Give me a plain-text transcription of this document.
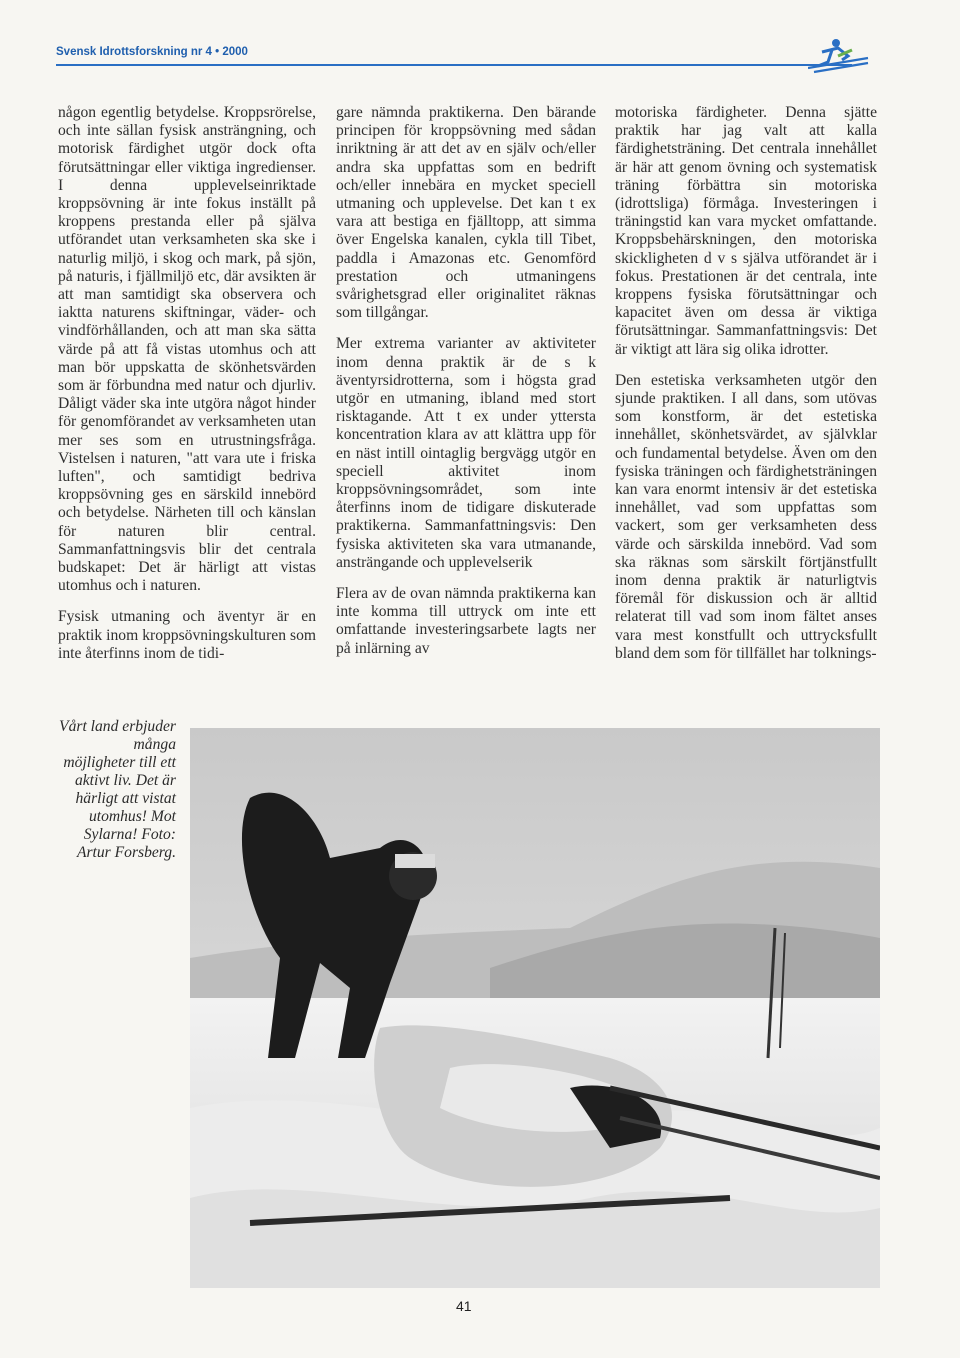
Svensk Idrottsforskning nr 4 • 2000

någon egentlig betydelse. Kroppsrörelse, och inte sällan fysisk ansträngning, och motorisk färdighet utgör dock ofta förutsättningar eller viktiga ingredienser. I denna upplevelseinriktade kroppsövning är inte fokus inställt på kroppens prestanda eller på själva utförandet utan verksamheten ska ske i naturlig miljö, i skog och mark, på sjön, på naturis, i fjällmiljö etc, där avsikten är att man samtidigt ska observera och iaktta naturens skiftningar, väder- och vindförhållanden, och att man ska sätta värde på att få vistas utomhus och att man bör uppskatta de skönhetsvärden som är förbundna med natur och djurliv. Dåligt väder ska inte utgöra något hinder för genomförandet av verksamheten utan mer ses som en utrustningsfråga. Vistelsen i naturen, "att vara ute i friska luften", och samtidigt bedriva kroppsövning ges en särskild innebörd och betydelse. Närheten till och känslan för naturen blir central. Sammanfattningsvis blir det centrala budskapet: Det är härligt att vistas utomhus och i naturen.

Fysisk utmaning och äventyr är en praktik inom kroppsövningskulturen som inte återfinns inom de tidi-

gare nämnda praktikerna. Den bärande principen för kroppsövning med sådan inriktning är att det av en själv och/eller andra ska uppfattas som en bedrift och/eller innebära en mycket speciell utmaning och upplevelse. Det kan t ex vara att bestiga en fjälltopp, att simma över Engelska kanalen, cykla till Tibet, paddla i Amazonas etc. Genomförd prestation och utmaningens svårighetsgrad eller originalitet räknas som tillgångar.

Mer extrema varianter av aktiviteter inom denna praktik är de s k äventyrsidrotterna, som i högsta grad utgör en utmaning, ibland med stort risktagande. Att t ex under yttersta koncentration klara av att klättra upp för en näst intill ointaglig bergvägg utgör en speciell aktivitet inom kroppsövningsområdet, som inte återfinns inom de tidigare diskuterade praktikerna. Sammanfattningsvis: Den fysiska aktiviteten ska vara utmanande, ansträngande och upplevelserik

Flera av de ovan nämnda praktikerna kan inte komma till uttryck om inte ett omfattande investeringsarbete lagts ner på inlärning av

motoriska färdigheter. Denna sjätte praktik har jag valt att kalla färdighetsträning. Det centrala innehållet är här att genom övning och systematisk träning förbättra sin motoriska (idrottsliga) förmåga. Investeringen i träningstid kan vara mycket omfattande. Kroppsbehärskningen, den motoriska skickligheten d v s själva utförandet är i fokus. Prestationen är det centrala, inte kroppens fysiska förutsättningar och kapacitet även om dessa är viktiga förutsättningar. Sammanfattningsvis: Det är viktigt att lära sig olika idrotter.

Den estetiska verksamheten utgör den sjunde praktiken. I all dans, som utövas som konstform, är det estetiska innehållet, skönhetsvärdet, av självklar och fundamental betydelse. Även om den fysiska träningen och färdighetsträningen kan vara enormt intensiv är det estetiska innehållet, vad som uppfattas som vackert, som ger verksamheten dess värde och särskilda innebörd. Vad som ska räknas som särskilt förtjänstfullt inom denna praktik är naturligtvis föremål för diskussion och är alltid relaterat till vad som inom fältet anses vara mest konstfullt och uttrycksfullt bland dem som för tillfället har tolknings-

Vårt land erbjuder många möjligheter till ett aktivt liv. Det är härligt att vistat utomhus! Mot Sylarna! Foto: Artur Forsberg.
41
